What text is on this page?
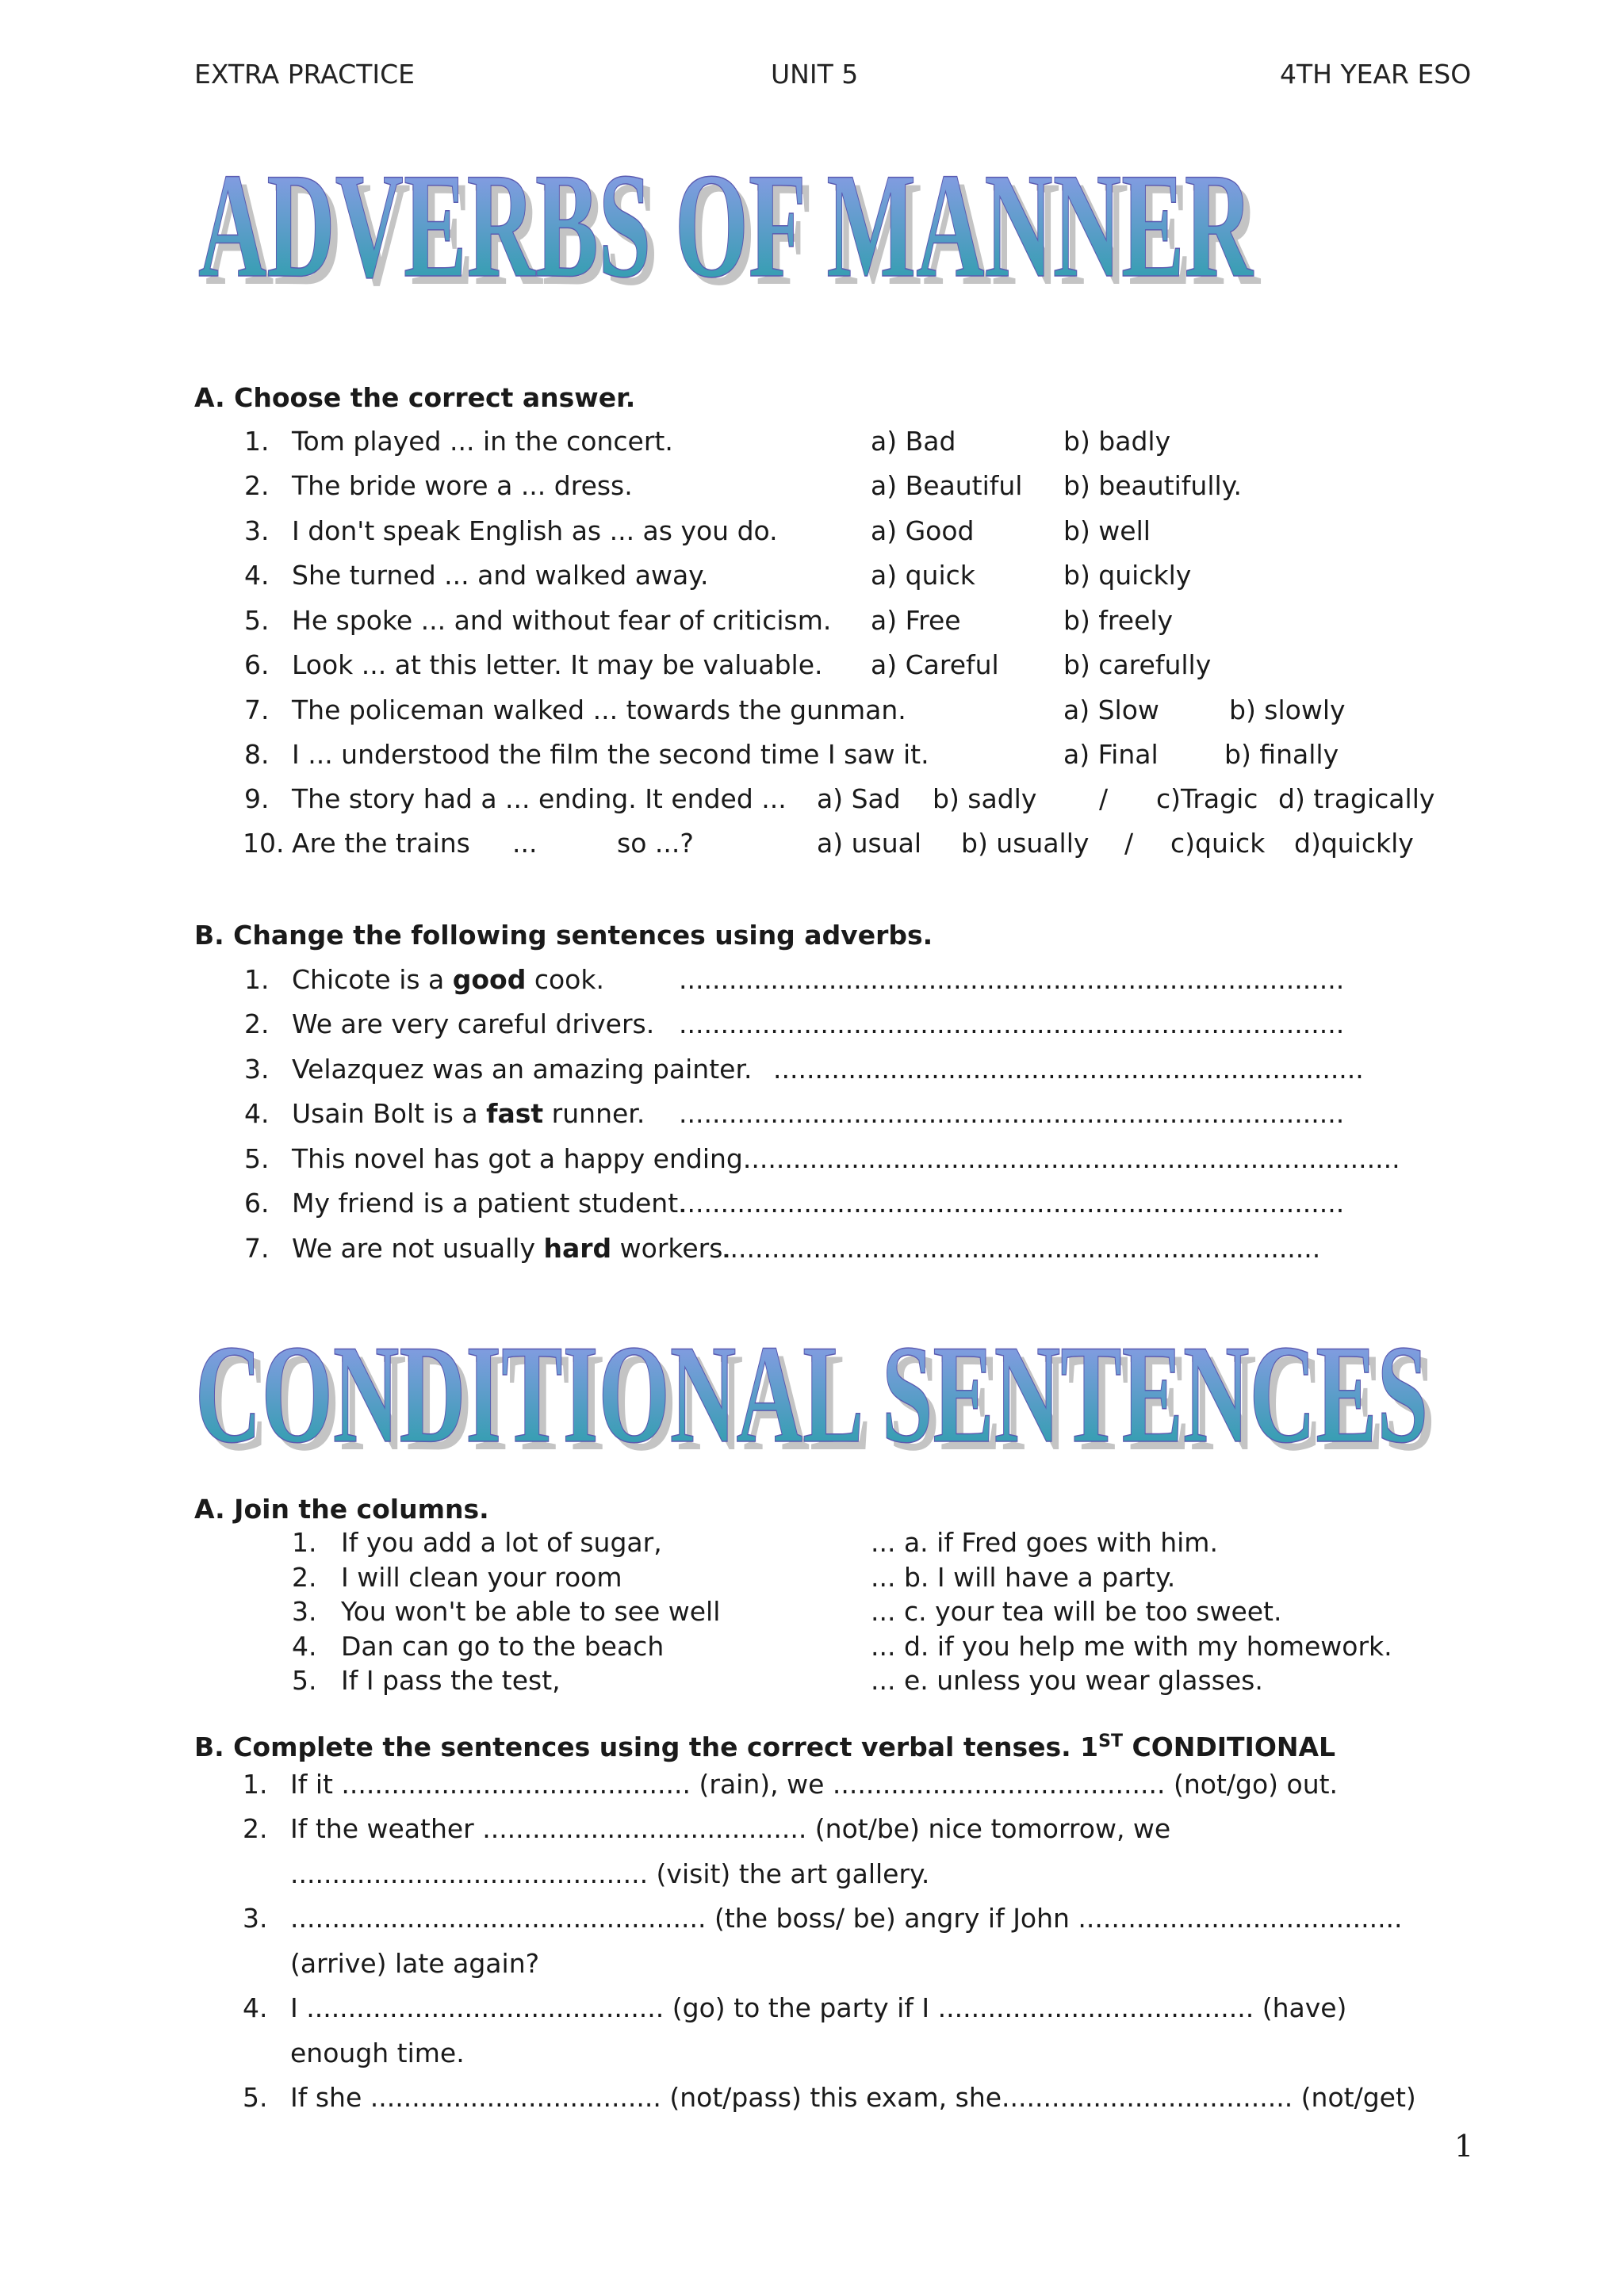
EXTRA PRACTICE	UNIT 5	4TH YEAR ESO
ADVERBS OF MANNER
ADVERBS OF MANNER
A. Choose the correct answer.
1. Tom played ... in the concert.	a) Bad	b) badly
2. The bride wore a ... dress.	a) Beautiful b) beautifully.
3. I don't speak English as ... as you do.	a) Good	b) well
4. She turned ... and walked away.	a) quick	b) quickly
5. He spoke ... and without fear of criticism. a) Free	b) freely
6. Look ... at this letter. It may be valuable. a) Careful b) carefully
7. The policeman walked ... towards the gunman.	a) Slow	b) slowly
8. I ... understood the film the second time I saw it.	a) Final	b) finally
9. The story had a ... ending. It ended ... a) Sad b) sadly / c)Tragic d) tragically
10. Are the trains ...	so ...?	a) usual b) usually / c)quick d)quickly
B. Change the following sentences using adverbs.
1. Chicote is a good cook.	................................................................................
2. We are very careful drivers. ................................................................................
3. Velazquez was an amazing painter. .......................................................................
4. Usain Bolt is a fast runner. ................................................................................
5. This novel has got a happy ending...............................................................................
6. My friend is a patient student.
................................................................................
7. We are not usually hard workers.
........................................................................
CONDITIONAL SENTENCES
CONDITIONAL SENTENCES
A. Join the columns.
1. If you add a lot of sugar,	... a. if Fred goes with him.
2. I will clean your room	... b. I will have a party.
3. You won't be able to see well	... c. your tea will be too sweet.
4. Dan can go to the beach	... d. if you help me with my homework.
5. If I pass the test,	... e. unless you wear glasses.
B. Complete the sentences using the correct verbal tenses. 1ST CONDITIONAL
1. If it .......................................... (rain), we ........................................ (not/go) out.
2. If the weather ....................................... (not/be) nice tomorrow, we
........................................... (visit) the art gallery.
3. .................................................. (the boss/ be) angry if John .......................................
(arrive) late again?
4. I ........................................... (go) to the party if I ...................................... (have)
enough time.
5. If she ................................... (not/pass) this exam, she................................... (not/get)
1
